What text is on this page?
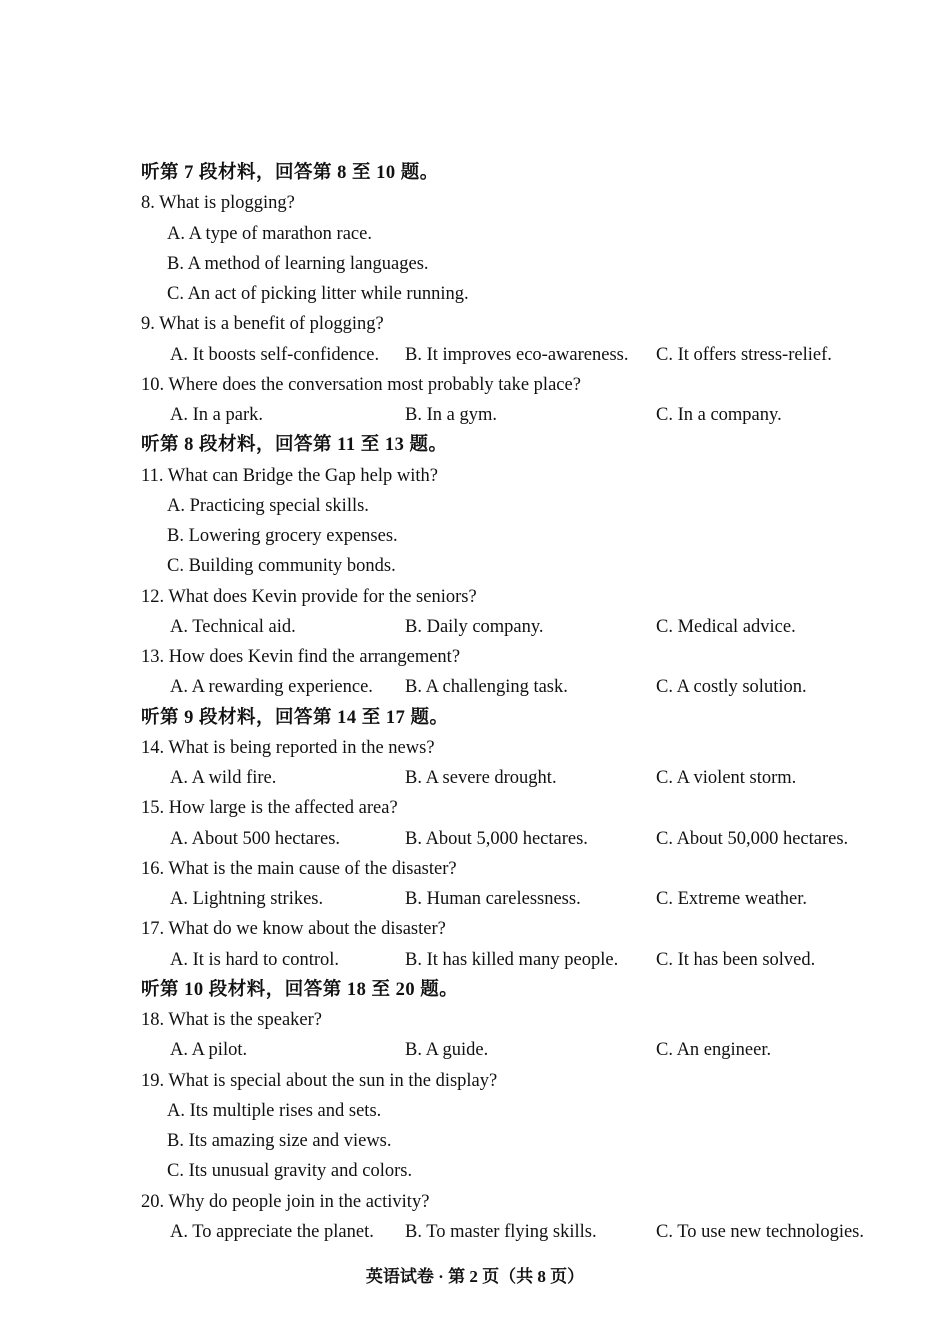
听第 7 段材料，回答第 8 至 10 题。
8. What is plogging?
A. A type of marathon race.
B. A method of learning languages.
C. An act of picking litter while running.
9. What is a benefit of plogging?
A. It boosts self-confidence. B. It improves eco-awareness. C. It offers stress-relief.
10. Where does the conversation most probably take place?
A. In a park.	B. In a gym.	C. In a company.
听第 8 段材料，回答第 11 至 13 题。
11. What can Bridge the Gap help with?
A. Practicing special skills.
B. Lowering grocery expenses.
C. Building community bonds.
12. What does Kevin provide for the seniors?
A. Technical aid.	B. Daily company.	C. Medical advice.
13. How does Kevin find the arrangement?
A. A rewarding experience. B. A challenging task.	C. A costly solution.
听第 9 段材料，回答第 14 至 17 题。
14. What is being reported in the news?
A. A wild fire.	B. A severe drought.	C. A violent storm.
15. How large is the affected area?
A. About 500 hectares.	B. About 5,000 hectares.	C. About 50,000 hectares.
16. What is the main cause of the disaster?
A. Lightning strikes.	B. Human carelessness.	C. Extreme weather.
17. What do we know about the disaster?
A. It is hard to control.	B. It has killed many people. C. It has been solved.
听第 10 段材料，回答第 18 至 20 题。
18. What is the speaker?
A. A pilot.	B. A guide.	C. An engineer.
19. What is special about the sun in the display?
A. Its multiple rises and sets.
B. Its amazing size and views.
C. Its unusual gravity and colors.
20. Why do people join in the activity?
A. To appreciate the planet. B. To master flying skills.	C. To use new technologies.
英语试卷 · 第 2 页（共 8 页）
